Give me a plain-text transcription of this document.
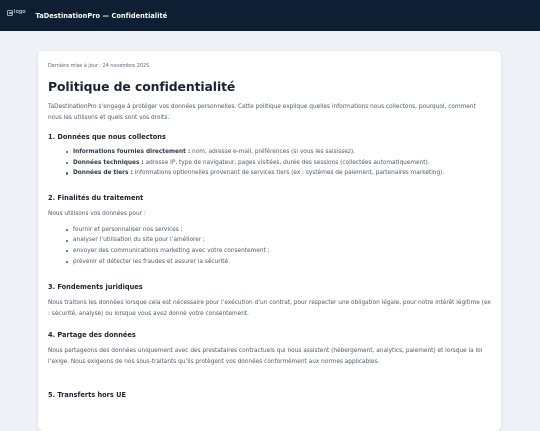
logo
TaDestinationPro — Confidentialité

Dernière mise à jour : 24 novembre 2025

Politique de confidentialité

TaDestinationPro s’engage à protéger vos données personnelles. Cette politique explique quelles informations nous collectons, pourquoi, comment nous les utilisons et quels sont vos droits.

1. Données que nous collectons
Informations fournies directement : nom, adresse e-mail, préférences (si vous les saisissez).
Données techniques : adresse IP, type de navigateur, pages visitées, durée des sessions (collectées automatiquement).
Données de tiers : informations optionnelles provenant de services tiers (ex : systèmes de paiement, partenaires marketing).
2. Finalités du traitement

Nous utilisons vos données pour :

fournir et personnaliser nos services ;
analyser l’utilisation du site pour l’améliorer ;
envoyer des communications marketing avec votre consentement ;
prévenir et détecter les fraudes et assurer la sécurité.
3. Fondements juridiques

Nous traitons les données lorsque cela est nécessaire pour l’exécution d’un contrat, pour respecter une obligation légale, pour notre intérêt légitime (ex : sécurité, analyse) ou lorsque vous avez donné votre consentement.

4. Partage des données

Nous partageons des données uniquement avec des prestataires contractuels qui nous assistent (hébergement, analytics, paiement) et lorsque la loi l’exige. Nous exigeons de nos sous-traitants qu’ils protègent vos données conformément aux normes applicables.

5. Transferts hors UE
